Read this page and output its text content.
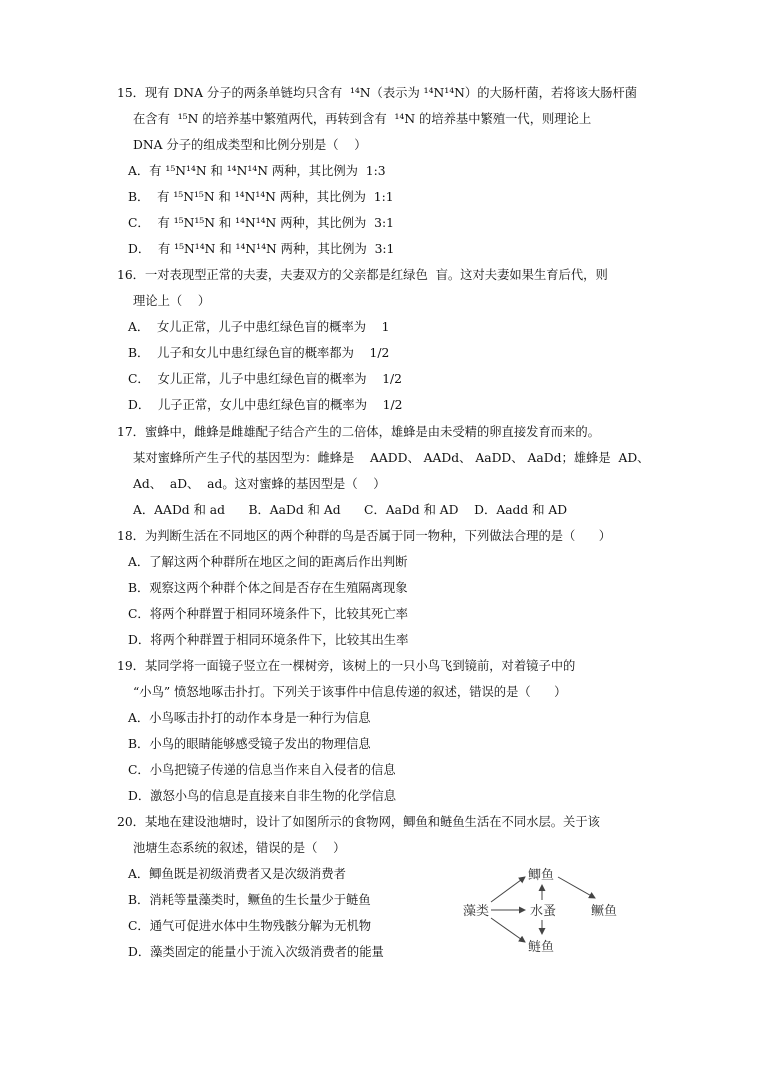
15．现有 DNA 分子的两条单链均只含有  ¹⁴N（表示为 ¹⁴N¹⁴N）的大肠杆菌，若将该大肠杆菌
在含有  ¹⁵N 的培养基中繁殖两代，再转到含有  ¹⁴N 的培养基中繁殖一代，则理论上
DNA 分子的组成类型和比例分别是（    ）
A．有 ¹⁵N¹⁴N 和 ¹⁴N¹⁴N 两种，其比例为  1:3
B．  有 ¹⁵N¹⁵N 和 ¹⁴N¹⁴N 两种，其比例为  1:1
C．  有 ¹⁵N¹⁵N 和 ¹⁴N¹⁴N 两种，其比例为  3:1
D．  有 ¹⁵N¹⁴N 和 ¹⁴N¹⁴N 两种，其比例为  3:1
16．一对表现型正常的夫妻，夫妻双方的父亲都是红绿色  盲。这对夫妻如果生育后代，则
理论上（    ）
A．  女儿正常，儿子中患红绿色盲的概率为    1
B．  儿子和女儿中患红绿色盲的概率都为    1/2
C．  女儿正常，儿子中患红绿色盲的概率为    1/2
D．  儿子正常，女儿中患红绿色盲的概率为    1/2
17．蜜蜂中，雌蜂是雌雄配子结合产生的二倍体，雄蜂是由未受精的卵直接发育而来的。
某对蜜蜂所产生子代的基因型为：雌蜂是    AADD、 AADd、 AaDD、 AaDd；雄蜂是  AD、
Ad、  aD、  ad。这对蜜蜂的基因型是（    ）
A．AADd 和 ad      B．AaDd 和 Ad      C．AaDd 和 AD    D．Aadd 和 AD
18．为判断生活在不同地区的两个种群的鸟是否属于同一物种，下列做法合理的是（      ）
A．了解这两个种群所在地区之间的距离后作出判断
B．观察这两个种群个体之间是否存在生殖隔离现象
C．将两个种群置于相同环境条件下，比较其死亡率
D．将两个种群置于相同环境条件下，比较其出生率
19．某同学将一面镜子竖立在一棵树旁，该树上的一只小鸟飞到镜前，对着镜子中的
“小鸟” 愤怒地啄击扑打。下列关于该事件中信息传递的叙述，错误的是（      ）
A．小鸟啄击扑打的动作本身是一种行为信息
B．小鸟的眼睛能够感受镜子发出的物理信息
C．小鸟把镜子传递的信息当作来自入侵者的信息
D．激怒小鸟的信息是直接来自非生物的化学信息
20．某地在建设池塘时，设计了如图所示的食物网，鲫鱼和鲢鱼生活在不同水层。关于该
池塘生态系统的叙述，错误的是（    ）
A．鲫鱼既是初级消费者又是次级消费者
B．消耗等量藻类时，鳜鱼的生长量少于鲢鱼
C．通气可促进水体中生物残骸分解为无机物
D．藻类固定的能量小于流入次级消费者的能量
藻类	水蚤
鲫鱼
鲢鱼
鳜鱼
